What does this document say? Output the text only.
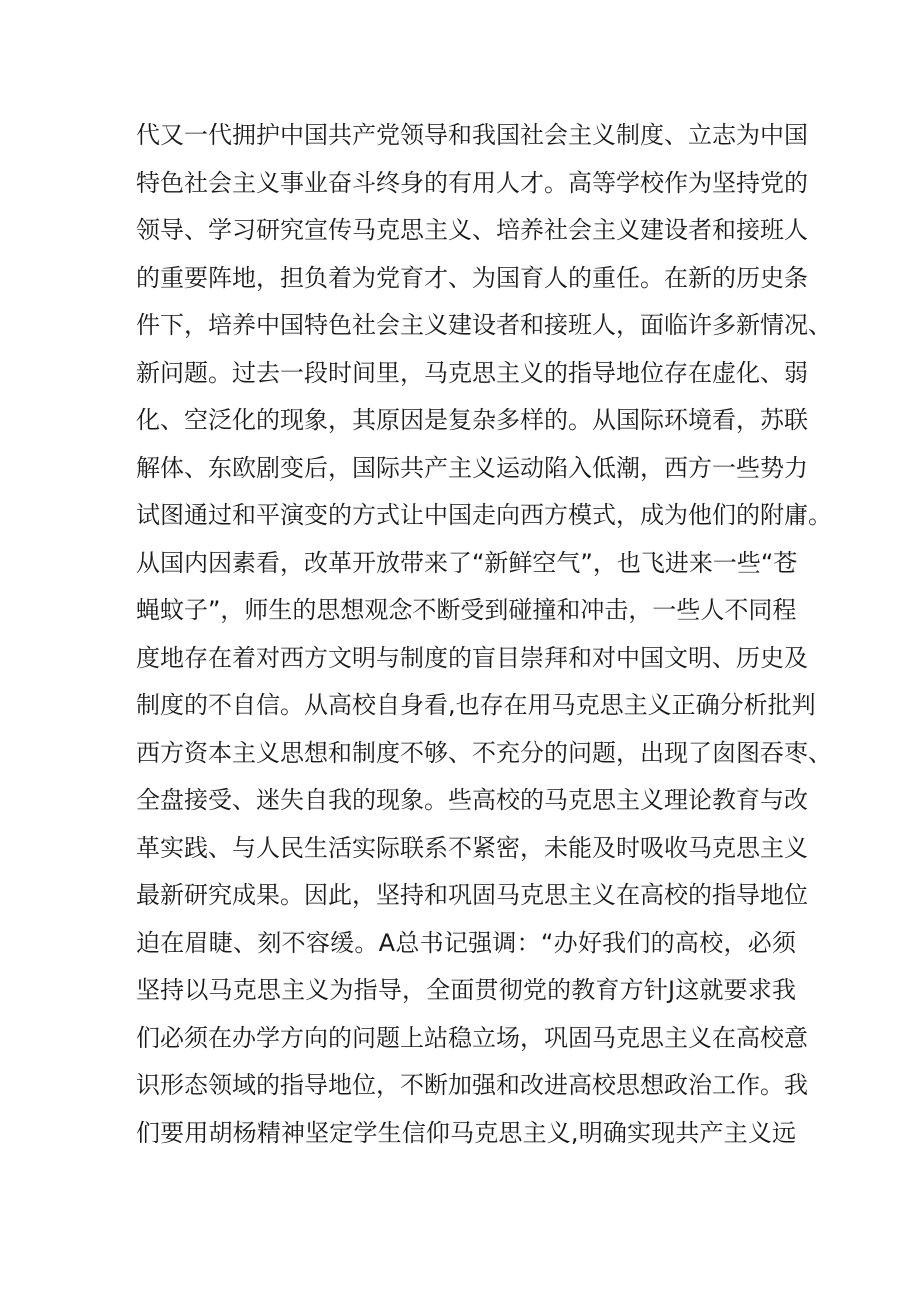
代又一代拥护中国共产党领导和我国社会主义制度、立志为中国
特色社会主义事业奋斗终身的有用人才。高等学校作为坚持党的
领导、学习研究宣传马克思主义、培养社会主义建设者和接班人
的重要阵地，担负着为党育才、为国育人的重任。在新的历史条
件下，培养中国特色社会主义建设者和接班人，面临许多新情况、
新问题。过去一段时间里，马克思主义的指导地位存在虚化、弱
化、空泛化的现象，其原因是复杂多样的。从国际环境看，苏联
解体、东欧剧变后，国际共产主义运动陷入低潮，西方一些势力
试图通过和平演变的方式让中国走向西方模式，成为他们的附庸。
从国内因素看，改革开放带来了“新鲜空气”，也飞进来一些“苍
蝇蚊子”，师生的思想观念不断受到碰撞和冲击，一些人不同程
度地存在着对西方文明与制度的盲目崇拜和对中国文明、历史及
制度的不自信。从高校自身看,也存在用马克思主义正确分析批判
西方资本主义思想和制度不够、不充分的问题，出现了囱图吞枣、
全盘接受、迷失自我的现象。些高校的马克思主义理论教育与改
革实践、与人民生活实际联系不紧密，未能及时吸收马克思主义
最新研究成果。因此，坚持和巩固马克思主义在高校的指导地位
迫在眉睫、刻不容缓。A总书记强调：“办好我们的高校，必须
坚持以马克思主义为指导，全面贯彻党的教育方针J这就要求我
们必须在办学方向的问题上站稳立场，巩固马克思主义在高校意
识形态领域的指导地位，不断加强和改进高校思想政治工作。我
们要用胡杨精神坚定学生信仰马克思主义,明确实现共产主义远
